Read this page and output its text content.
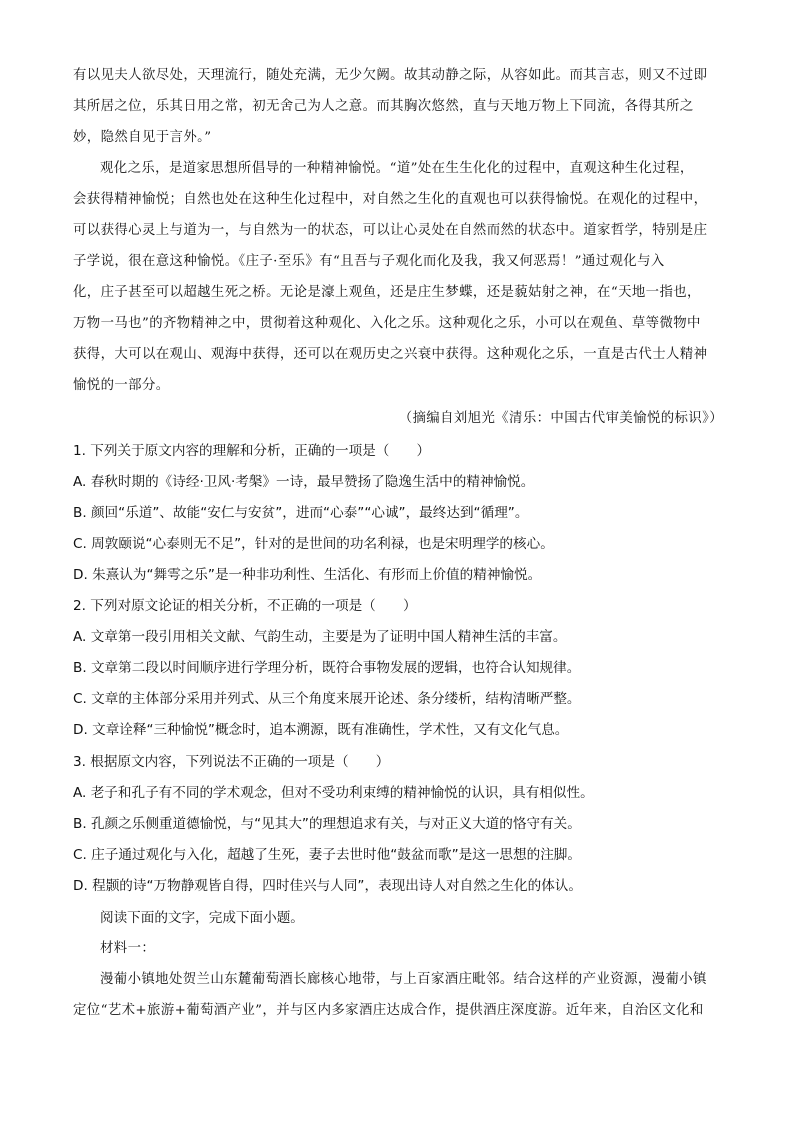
有以见夫人欲尽处，天理流行，随处充满，无少欠阙。故其动静之际，从容如此。而其言志，则又不过即
其所居之位，乐其日用之常，初无舍己为人之意。而其胸次悠然，直与天地万物上下同流，各得其所之
妙，隐然自见于言外。”
观化之乐，是道家思想所倡导的一种精神愉悦。“道”处在生生化化的过程中，直观这种生化过程，
会获得精神愉悦；自然也处在这种生化过程中，对自然之生化的直观也可以获得愉悦。在观化的过程中，
可以获得心灵上与道为一，与自然为一的状态，可以让心灵处在自然而然的状态中。道家哲学，特别是庄
子学说，很在意这种愉悦。《庄子·至乐》有“且吾与子观化而化及我，我又何恶焉！”通过观化与入
化，庄子甚至可以超越生死之桥。无论是濠上观鱼，还是庄生梦蝶，还是藐姑射之神，在“天地一指也，
万物一马也”的齐物精神之中，贯彻着这种观化、入化之乐。这种观化之乐，小可以在观鱼、草等微物中
获得，大可以在观山、观海中获得，还可以在观历史之兴衰中获得。这种观化之乐，一直是古代士人精神
愉悦的一部分。
（摘编自刘旭光《清乐：中国古代审美愉悦的标识》）
1. 下列关于原文内容的理解和分析，正确的一项是（　　）
A. 春秋时期的《诗经·卫风·考槃》一诗，最早赞扬了隐逸生活中的精神愉悦。
B. 颜回“乐道”、故能“安仁与安贫”，进而“心泰”“心诚”，最终达到“循理”。
C. 周敦颐说“心泰则无不足”，针对的是世间的功名利禄，也是宋明理学的核心。
D. 朱熹认为“舞雩之乐”是一种非功利性、生活化、有形而上价值的精神愉悦。
2. 下列对原文论证的相关分析，不正确的一项是（　　）
A. 文章第一段引用相关文献、气韵生动，主要是为了证明中国人精神生活的丰富。
B. 文章第二段以时间顺序进行学理分析，既符合事物发展的逻辑，也符合认知规律。
C. 文章的主体部分采用并列式、从三个角度来展开论述、条分缕析，结构清晰严整。
D. 文章诠释“三种愉悦”概念时，追本溯源，既有准确性，学术性，又有文化气息。
3. 根据原文内容，下列说法不正确的一项是（　　）
A. 老子和孔子有不同的学术观念，但对不受功利束缚的精神愉悦的认识，具有相似性。
B. 孔颜之乐侧重道德愉悦，与“见其大”的理想追求有关，与对正义大道的恪守有关。
C. 庄子通过观化与入化，超越了生死，妻子去世时他“鼓盆而歌”是这一思想的注脚。
D. 程颢的诗“万物静观皆自得，四时佳兴与人同”，表现出诗人对自然之生化的体认。
阅读下面的文字，完成下面小题。
材料一：
漫葡小镇地处贺兰山东麓葡萄酒长廊核心地带，与上百家酒庄毗邻。结合这样的产业资源，漫葡小镇
定位“艺术+旅游+葡萄酒产业”，并与区内多家酒庄达成合作，提供酒庄深度游。近年来，自治区文化和
